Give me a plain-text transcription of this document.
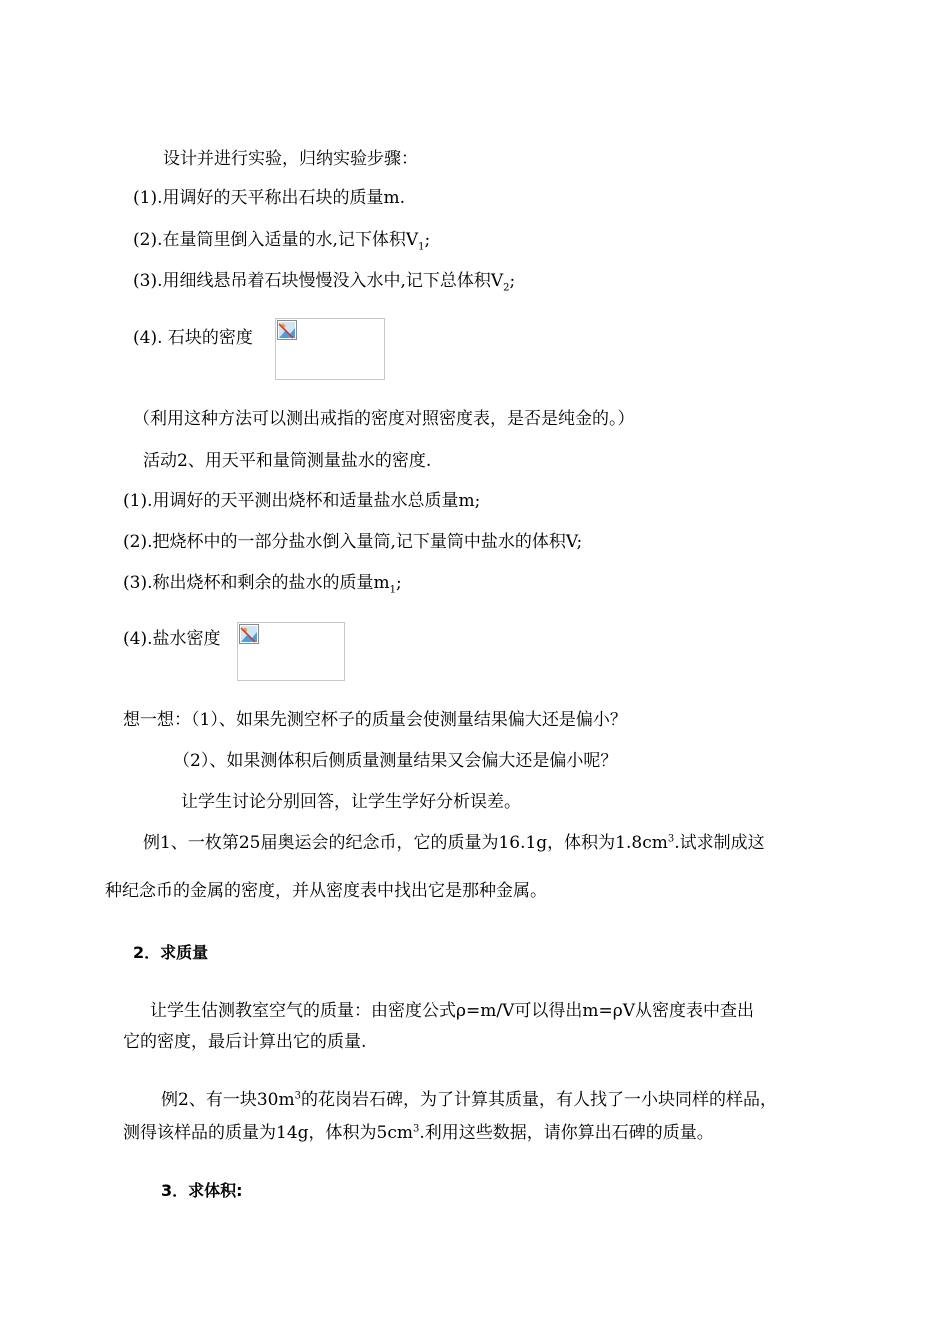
设计并进行实验，归纳实验步骤：
(1).用调好的天平称出石块的质量m.
(2).在量筒里倒入适量的水,记下体积$V_1$;
(3).用细线悬吊着石块慢慢没入水中,记下总体积$V_2$;
(4). 石块的密度
（利用这种方法可以测出戒指的密度对照密度表，是否是纯金的。）
活动2、用天平和量筒测量盐水的密度.
(1).用调好的天平测出烧杯和适量盐水总质量m;
(2).把烧杯中的一部分盐水倒入量筒,记下量筒中盐水的体积V;
(3).称出烧杯和剩余的盐水的质量$m_1$;
(4).盐水密度
想一想：（1）、如果先测空杯子的质量会使测量结果偏大还是偏小？
（2）、如果测体积后侧质量测量结果又会偏大还是偏小呢？
让学生讨论分别回答，让学生学好分析误差。
例1、一枚第25届奥运会的纪念币，它的质量为16.1g，体积为$1.8cm^3$.试求制成这
种纪念币的金属的密度，并从密度表中找出它是那种金属。
2．求质量
让学生估测教室空气的质量：由密度公式ρ=m/V可以得出m=ρV从密度表中查出
它的密度，最后计算出它的质量.
例2、有一块$30m^3$的花岗岩石碑，为了计算其质量，有人找了一小块同样的样品，
测得该样品的质量为14g，体积为$5cm^3$.利用这些数据，请你算出石碑的质量。
3．求体积:
